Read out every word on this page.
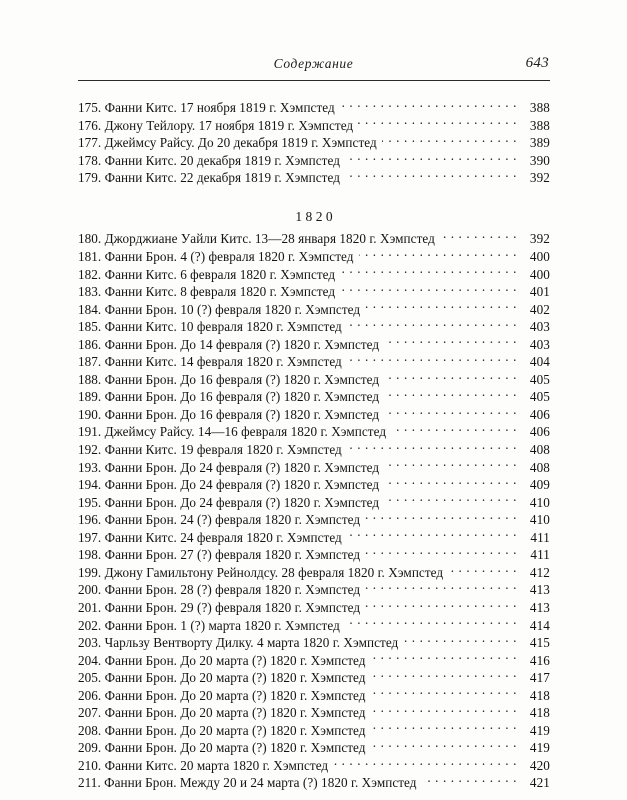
Содержание	643
175. Фанни Китс. 17 ноября 1819 г. Хэмпстед . . .	388
176. Джону Тейлору. 17 ноября 1819 г. Хэмпстед . . .	388
177. Джеймсу Райсу. До 20 декабря 1819 г. Хэмпстед . . .	389
178. Фанни Китс. 20 декабря 1819 г. Хэмпстед . . .	390
179. Фанни Китс. 22 декабря 1819 г. Хэмпстед . . .	392
1820
180. Джорджиане Уайли Китс. 13—28 января 1820 г. Хэмпстед . . .	392
181. Фанни Брон. 4 (?) февраля 1820 г. Хэмпстед . . .	400
182. Фанни Китс. 6 февраля 1820 г. Хэмпстед . . .	400
183. Фанни Китс. 8 февраля 1820 г. Хэмпстед . . .	401
184. Фанни Брон. 10 (?) февраля 1820 г. Хэмпстед . . .	402
185. Фанни Китс. 10 февраля 1820 г. Хэмпстед . . .	403
186. Фанни Брон. До 14 февраля (?) 1820 г. Хэмпстед . . .	403
187. Фанни Китс. 14 февраля 1820 г. Хэмпстед . . .	404
188. Фанни Брон. До 16 февраля (?) 1820 г. Хэмпстед . . .	405
189. Фанни Брон. До 16 февраля (?) 1820 г. Хэмпстед . . .	405
190. Фанни Брон. До 16 февраля (?) 1820 г. Хэмпстед . . .	406
191. Джеймсу Райсу. 14—16 февраля 1820 г. Хэмпстед . . .	406
192. Фанни Китс. 19 февраля 1820 г. Хэмпстед . . .	408
193. Фанни Брон. До 24 февраля (?) 1820 г. Хэмпстед . . .	408
194. Фанни Брон. До 24 февраля (?) 1820 г. Хэмпстед . . .	409
195. Фанни Брон. До 24 февраля (?) 1820 г. Хэмпстед . . .	410
196. Фанни Брон. 24 (?) февраля 1820 г. Хэмпстед . . .	410
197. Фанни Китс. 24 февраля 1820 г. Хэмпстед . . .	411
198. Фанни Брон. 27 (?) февраля 1820 г. Хэмпстед . . .	411
199. Джону Гамильтону Рейнолдсу. 28 февраля 1820 г. Хэмпстед . . .	412
200. Фанни Брон. 28 (?) февраля 1820 г. Хэмпстед . . .	413
201. Фанни Брон. 29 (?) февраля 1820 г. Хэмпстед . . .	413
202. Фанни Брон. 1 (?) марта 1820 г. Хэмпстед . . .	414
203. Чарльзу Вентворту Дилку. 4 марта 1820 г. Хэмпстед . . .	415
204. Фанни Брон. До 20 марта (?) 1820 г. Хэмпстед . . .	416
205. Фанни Брон. До 20 марта (?) 1820 г. Хэмпстед . . .	417
206. Фанни Брон. До 20 марта (?) 1820 г. Хэмпстед . . .	418
207. Фанни Брон. До 20 марта (?) 1820 г. Хэмпстед . . .	418
208. Фанни Брон. До 20 марта (?) 1820 г. Хэмпстед . . .	419
209. Фанни Брон. До 20 марта (?) 1820 г. Хэмпстед . . .	419
210. Фанни Китс. 20 марта 1820 г. Хэмпстед . . .	420
211. Фанни Брон. Между 20 и 24 марта (?) 1820 г. Хэмпстед . . .	421
